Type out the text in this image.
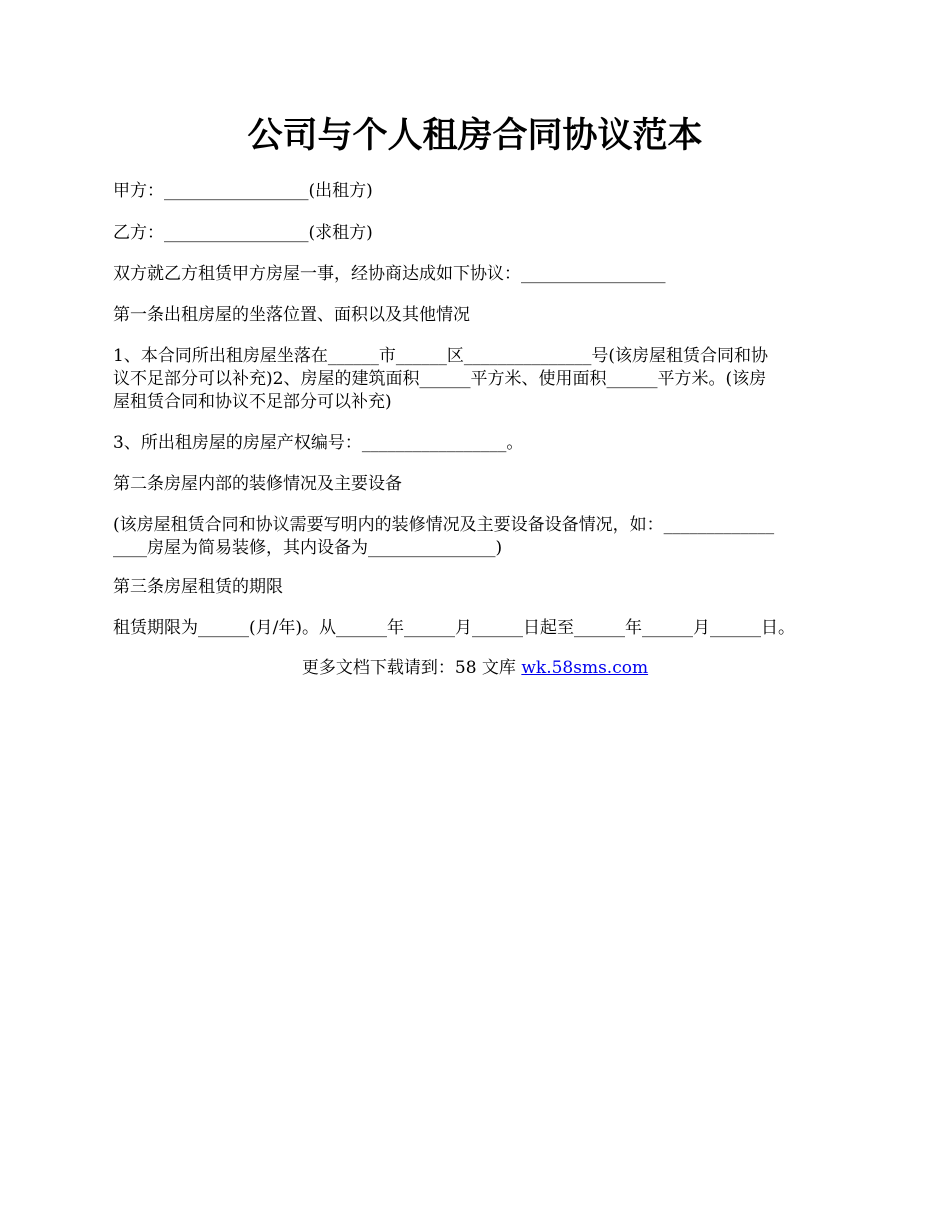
公司与个人租房合同协议范本
甲方：_________________(出租方)
乙方：_________________(求租方)
双方就乙方租赁甲方房屋一事，经协商达成如下协议：_________________
第一条出租房屋的坐落位置、面积以及其他情况
1、本合同所出租房屋坐落在______市______区_______________号(该房屋租赁合同和协
议不足部分可以补充)2、房屋的建筑面积______平方米、使用面积______平方米。(该房
屋租赁合同和协议不足部分可以补充)
3、所出租房屋的房屋产权编号：_________________。
第二条房屋内部的装修情况及主要设备
(该房屋租赁合同和协议需要写明内的装修情况及主要设备设备情况，如：_____________
____房屋为简易装修，其内设备为_______________)
第三条房屋租赁的期限
租赁期限为______(月/年)。从______年______月______日起至______年______月______日。
更多文档下载请到：58 文库 wk.58sms.com
